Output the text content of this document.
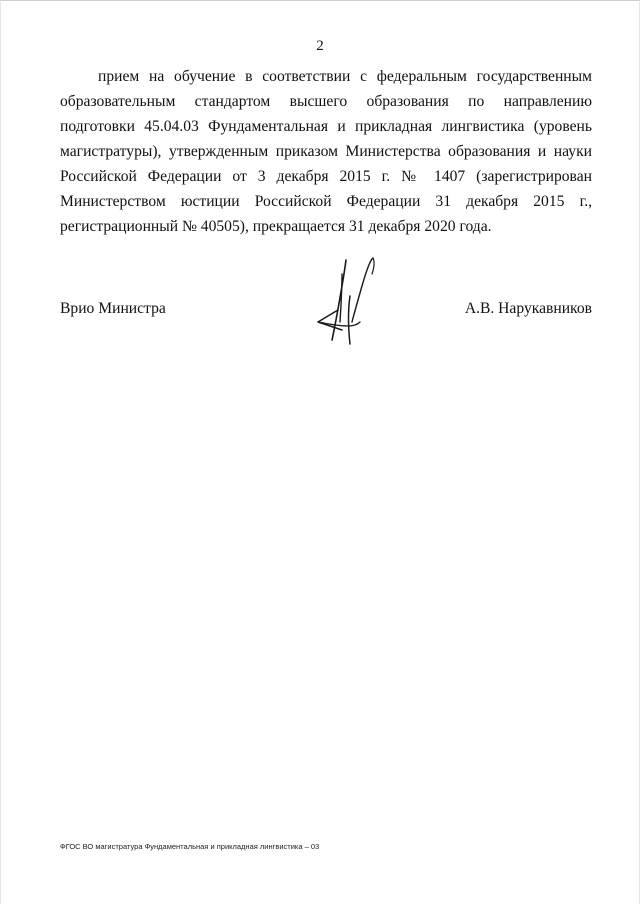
2

прием на обучение в соответствии с федеральным государственным образовательным стандартом высшего образования по направлению подготовки 45.04.03 Фундаментальная и прикладная лингвистика (уровень магистратуры), утвержденным приказом Министерства образования и науки Российской Федерации от 3 декабря 2015 г. № 1407 (зарегистрирован Министерством юстиции Российской Федерации 31 декабря 2015 г., регистрационный № 40505), прекращается 31 декабря 2020 года.

Врио Министра	А.В. Нарукавников
ФГОС ВО магистратура Фундаментальная и прикладная лингвистика – 03
